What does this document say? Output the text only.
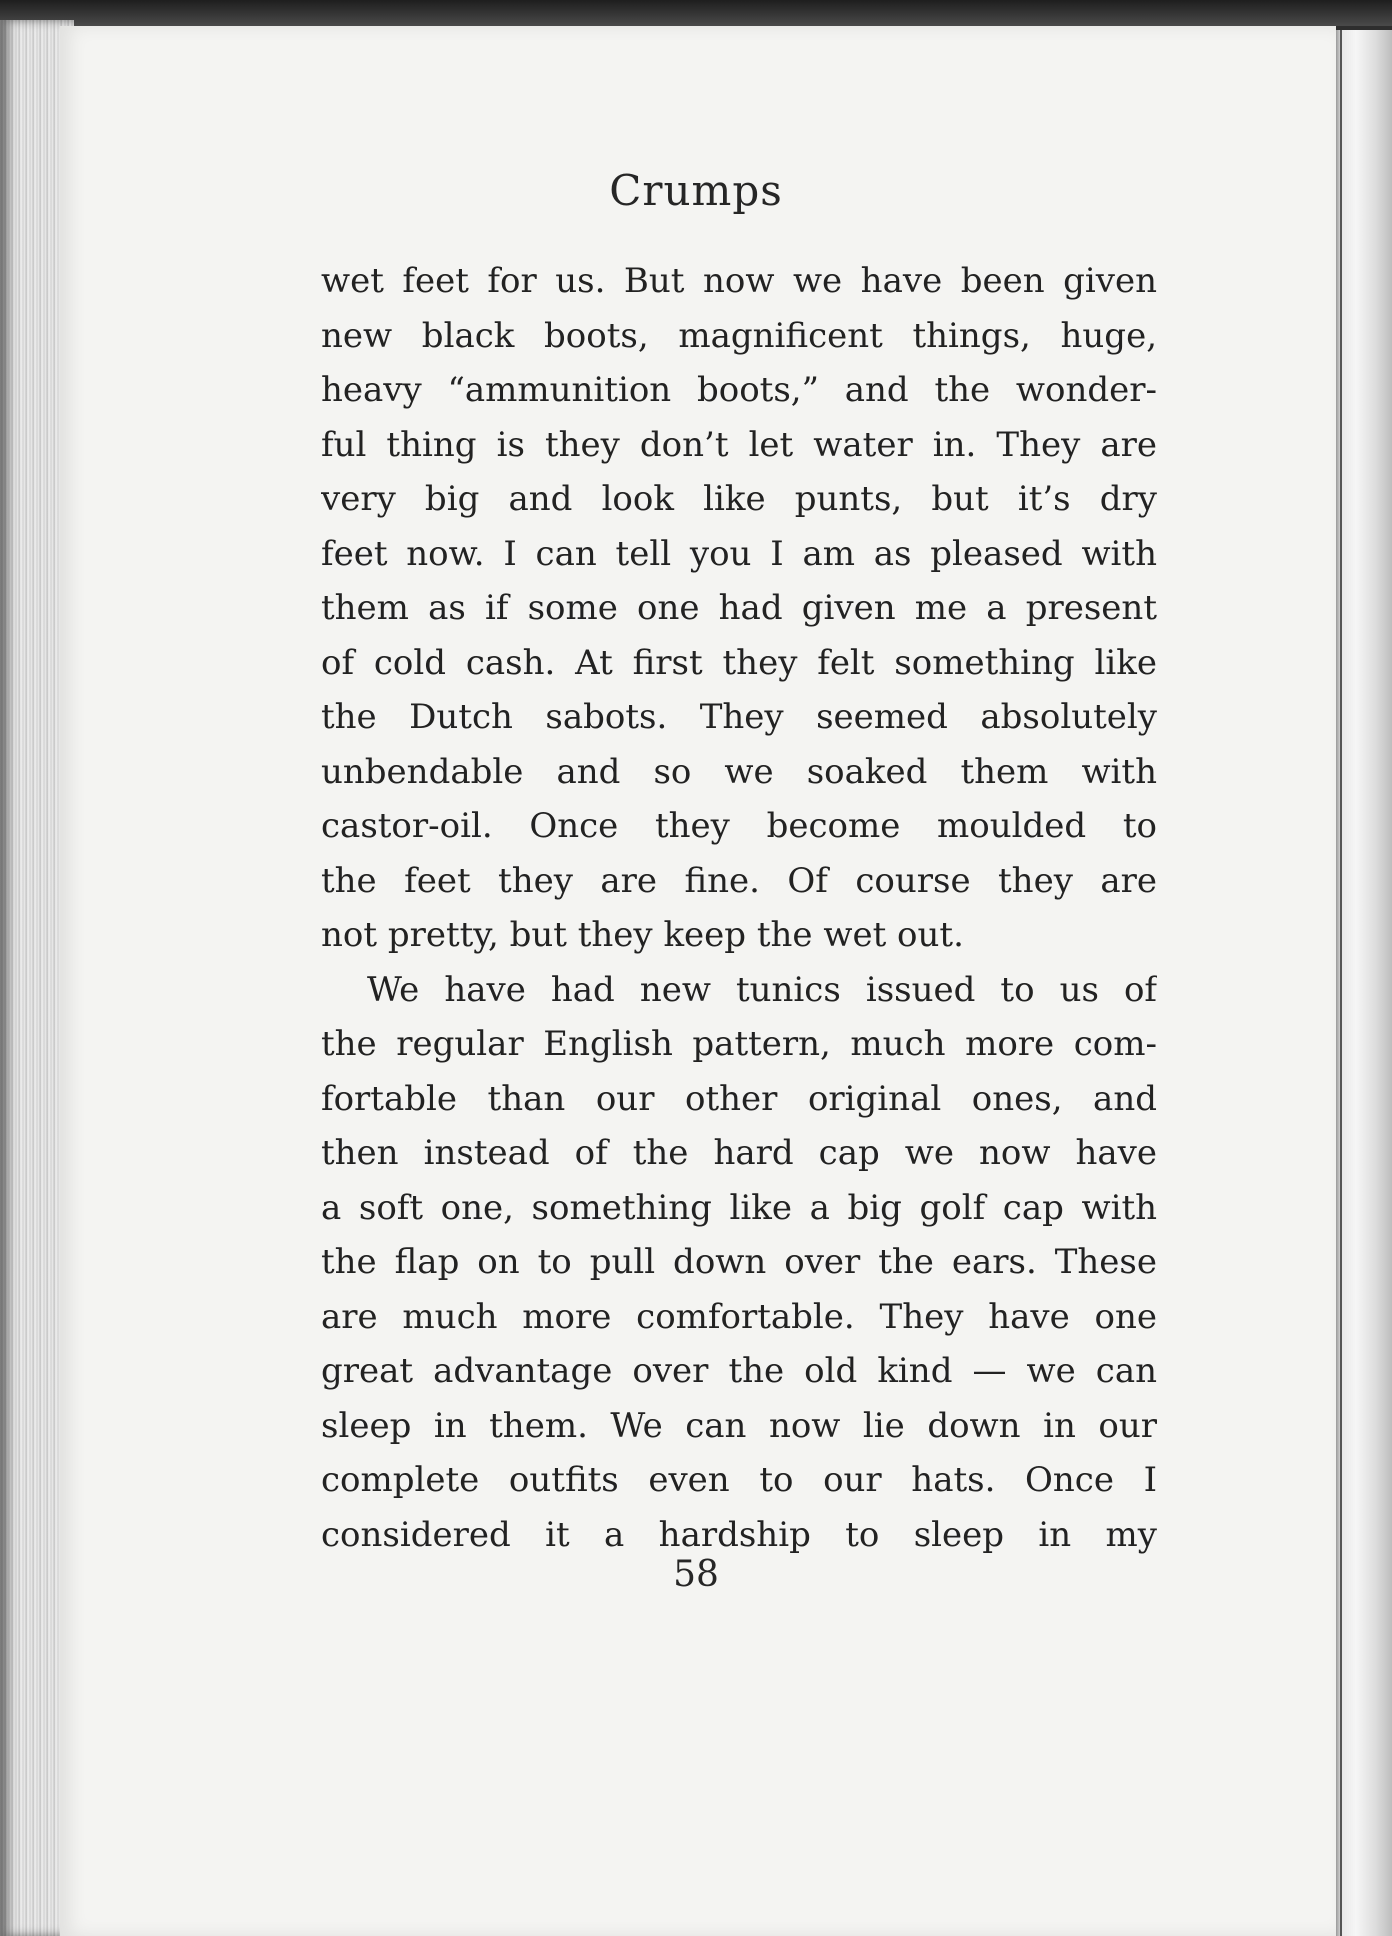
Crumps
wet feet for us. But now we have been given
new black boots, magnificent things, huge,
heavy “ammunition boots,” and the wonder-
ful thing is they don’t let water in. They are
very big and look like punts, but it’s dry
feet now. I can tell you I am as pleased with
them as if some one had given me a present
of cold cash. At first they felt something like
the Dutch sabots. They seemed absolutely
unbendable and so we soaked them with
castor-oil. Once they become moulded to
the feet they are fine. Of course they are
not pretty, but they keep the wet out.
We have had new tunics issued to us of
the regular English pattern, much more com-
fortable than our other original ones, and
then instead of the hard cap we now have
a soft one, something like a big golf cap with
the flap on to pull down over the ears. These
are much more comfortable. They have one
great advantage over the old kind — we can
sleep in them. We can now lie down in our
complete outfits even to our hats. Once I
considered it a hardship to sleep in my
58
